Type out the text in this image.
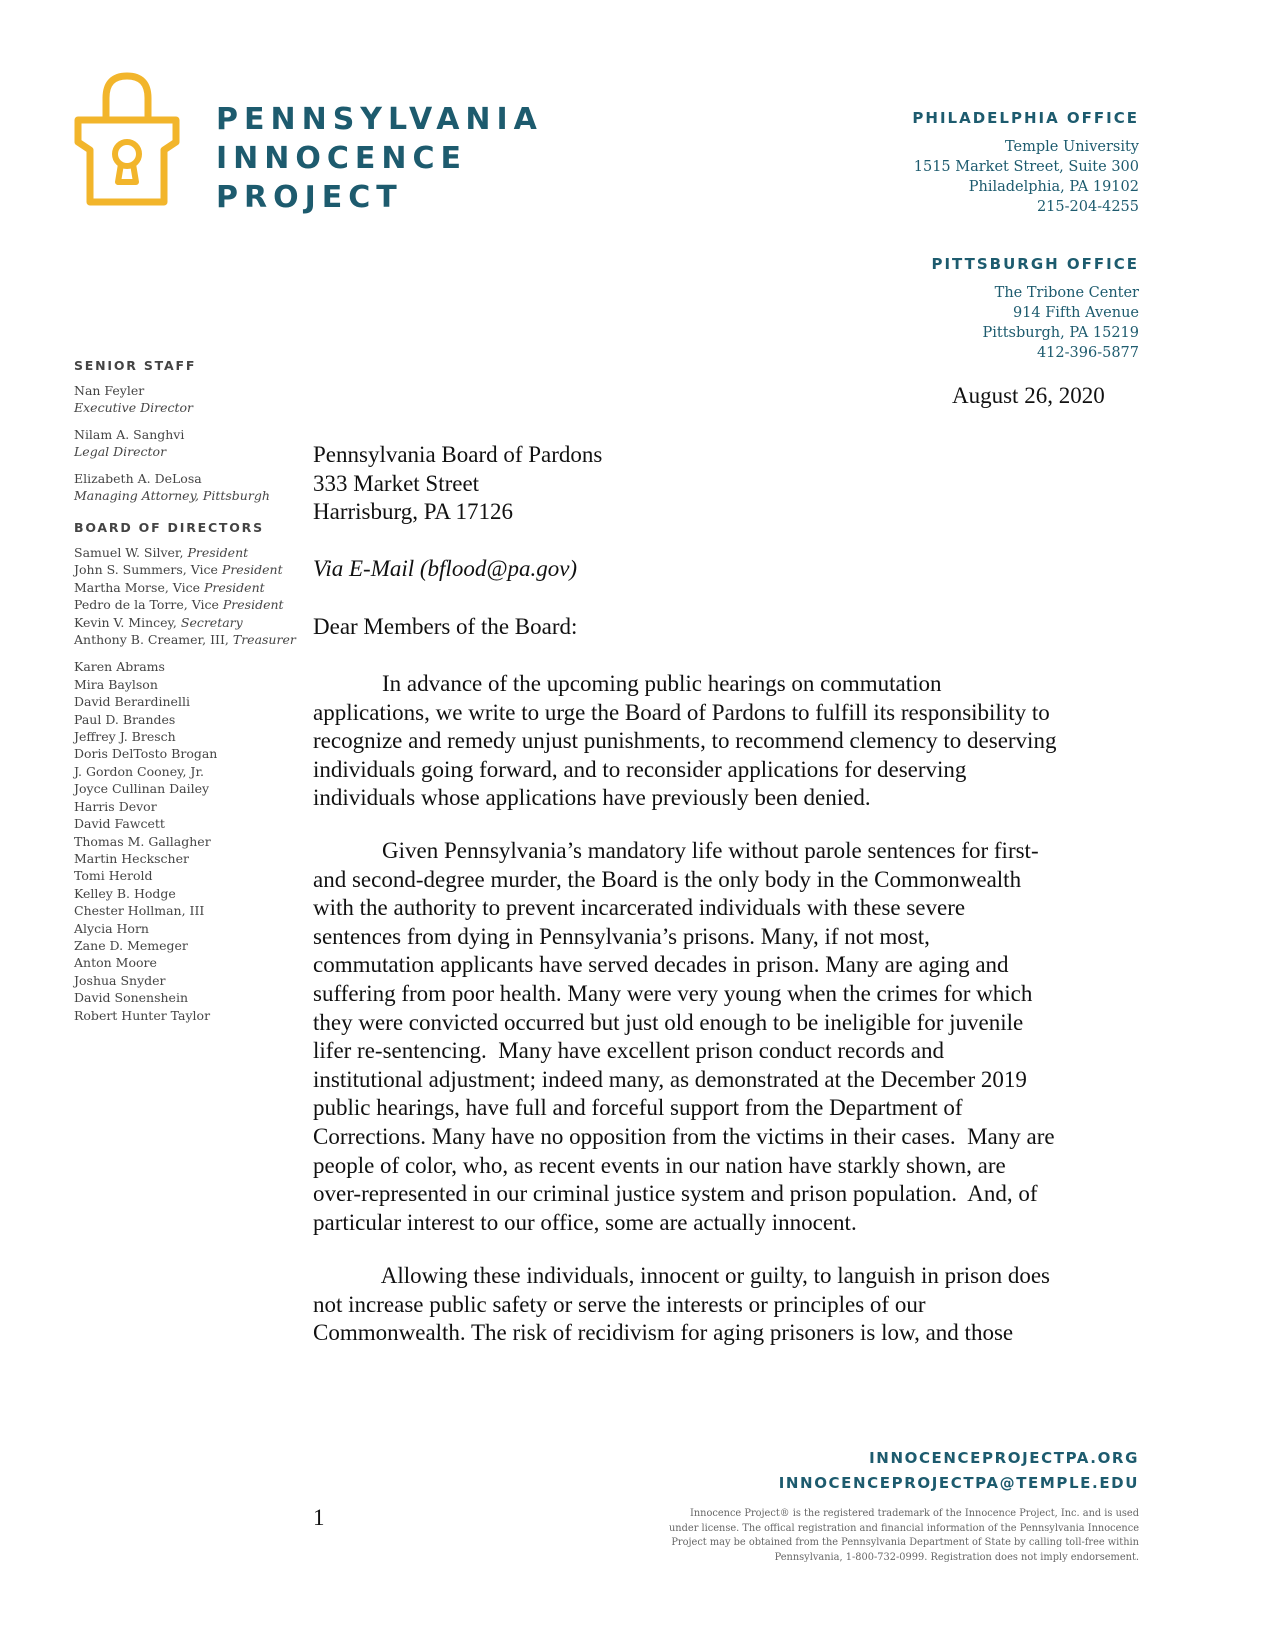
PENNSYLVANIA
INNOCENCE
PROJECT
PHILADELPHIA OFFICE
Temple University
1515 Market Street, Suite 300
Philadelphia, PA 19102
215-204-4255
PITTSBURGH OFFICE
The Tribone Center
914 Fifth Avenue
Pittsburgh, PA 15219
412-396-5877
SENIOR STAFF
Nan Feyler
Executive Director
Nilam A. Sanghvi
Legal Director
Elizabeth A. DeLosa
Managing Attorney, Pittsburgh
BOARD OF DIRECTORS
Samuel W. Silver, President
John S. Summers, Vice President
Martha Morse, Vice President
Pedro de la Torre, Vice President
Kevin V. Mincey, Secretary
Anthony B. Creamer, III, Treasurer
Karen Abrams
Mira Baylson
David Berardinelli
Paul D. Brandes
Jeffrey J. Bresch
Doris DelTosto Brogan
J. Gordon Cooney, Jr.
Joyce Cullinan Dailey
Harris Devor
David Fawcett
Thomas M. Gallagher
Martin Heckscher
Tomi Herold
Kelley B. Hodge
Chester Hollman, III
Alycia Horn
Zane D. Memeger
Anton Moore
Joshua Snyder
David Sonenshein
Robert Hunter Taylor
August 26, 2020
Pennsylvania Board of Pardons
333 Market Street
Harrisburg, PA 17126
Via E-Mail (bflood@pa.gov)
Dear Members of the Board:
In advance of the upcoming public hearings on commutation
applications, we write to urge the Board of Pardons to fulfill its responsibility to
recognize and remedy unjust punishments, to recommend clemency to deserving
individuals going forward, and to reconsider applications for deserving
individuals whose applications have previously been denied.
Given Pennsylvania’s mandatory life without parole sentences for first-
and second-degree murder, the Board is the only body in the Commonwealth
with the authority to prevent incarcerated individuals with these severe
sentences from dying in Pennsylvania’s prisons. Many, if not most,
commutation applicants have served decades in prison. Many are aging and
suffering from poor health. Many were very young when the crimes for which
they were convicted occurred but just old enough to be ineligible for juvenile
lifer re-sentencing.  Many have excellent prison conduct records and
institutional adjustment; indeed many, as demonstrated at the December 2019
public hearings, have full and forceful support from the Department of
Corrections. Many have no opposition from the victims in their cases.  Many are
people of color, who, as recent events in our nation have starkly shown, are
over-represented in our criminal justice system and prison population.  And, of
particular interest to our office, some are actually innocent.
Allowing these individuals, innocent or guilty, to languish in prison does
not increase public safety or serve the interests or principles of our
Commonwealth. The risk of recidivism for aging prisoners is low, and those
INNOCENCEPROJECTPA.ORG
INNOCENCEPROJECTPA@TEMPLE.EDU
1	Innocence Project® is the registered trademark of the Innocence Project, Inc. and is used under license. The offical registration and financial information of the Pennsylvania Innocence Project may be obtained from the Pennsylvania Department of State by calling toll-free within Pennsylvania, 1-800-732-0999. Registration does not imply endorsement.
